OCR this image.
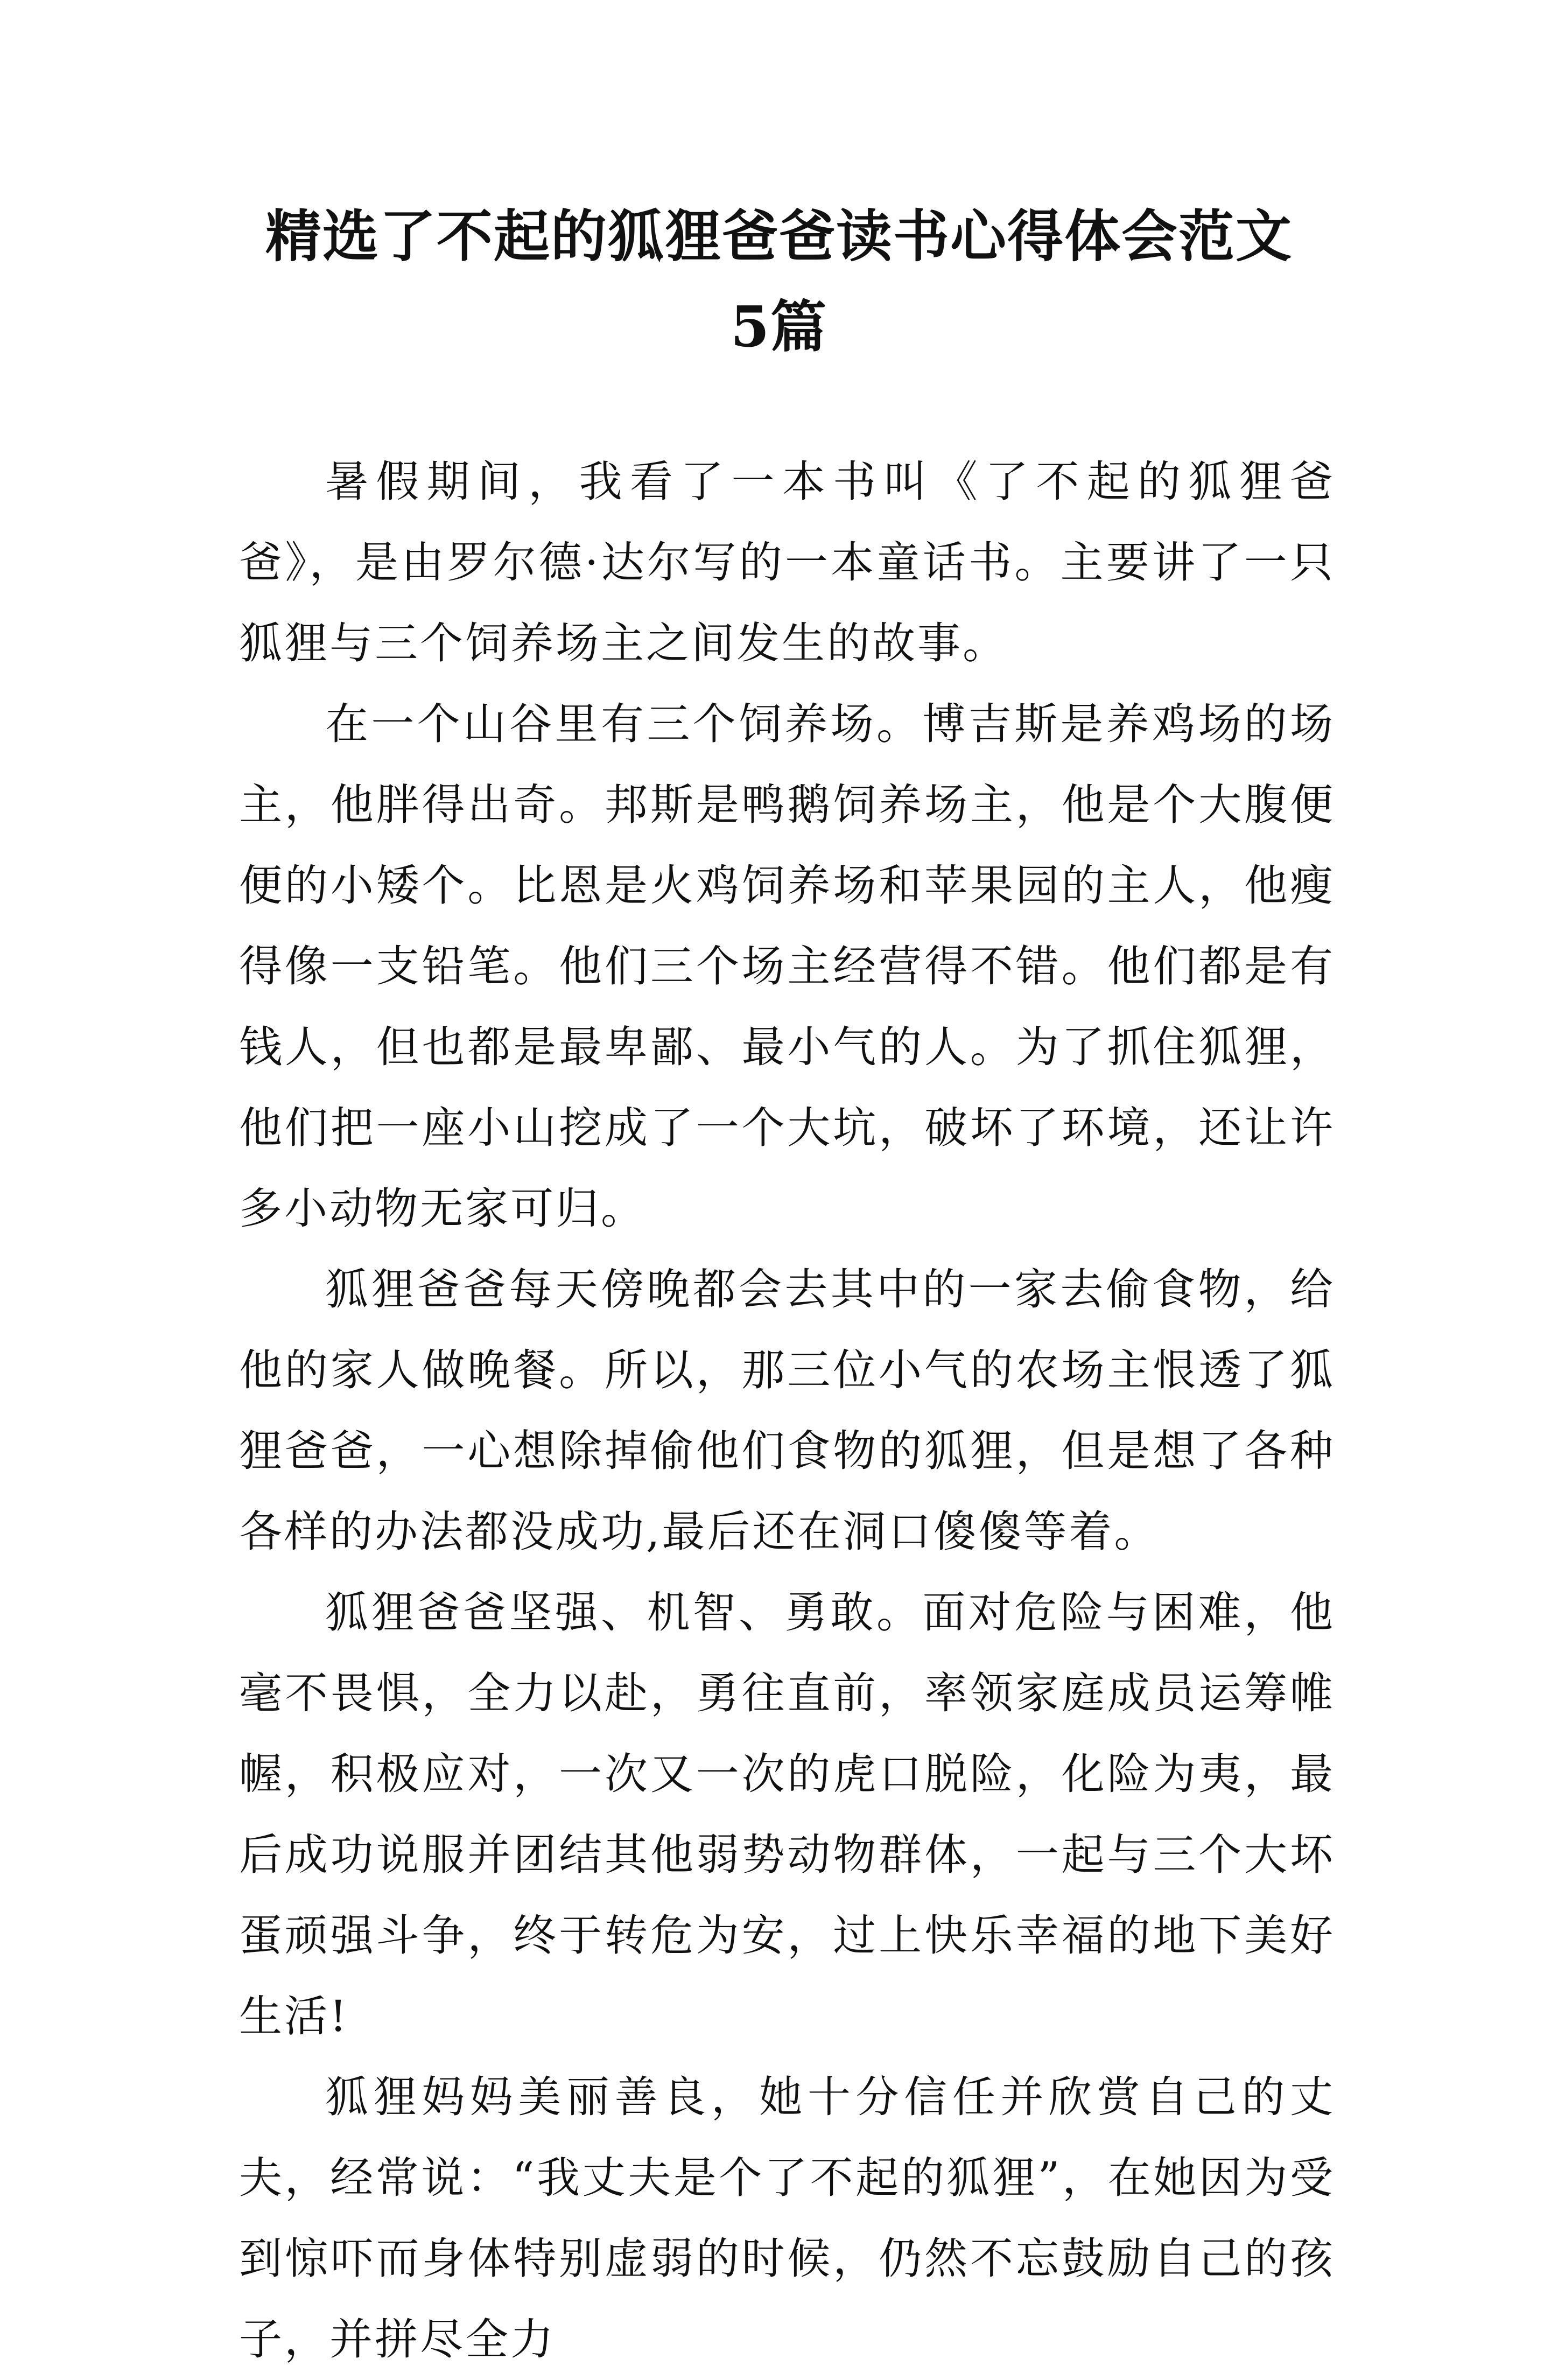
精选了不起的狐狸爸爸读书心得体会范文
5篇

暑假期间，我看了一本书叫《了不起的狐狸爸爸》，是由罗尔德·达尔写的一本童话书。主要讲了一只狐狸与三个饲养场主之间发生的故事。

在一个山谷里有三个饲养场。博吉斯是养鸡场的场主，他胖得出奇。邦斯是鸭鹅饲养场主，他是个大腹便便的小矮个。比恩是火鸡饲养场和苹果园的主人，他瘦得像一支铅笔。他们三个场主经营得不错。他们都是有钱人，但也都是最卑鄙、最小气的人。为了抓住狐狸，他们把一座小山挖成了一个大坑，破坏了环境，还让许多小动物无家可归。

狐狸爸爸每天傍晚都会去其中的一家去偷食物，给他的家人做晚餐。所以，那三位小气的农场主恨透了狐狸爸爸，一心想除掉偷他们食物的狐狸，但是想了各种各样的办法都没成功,最后还在洞口傻傻等着。

狐狸爸爸坚强、机智、勇敢。面对危险与困难，他毫不畏惧，全力以赴，勇往直前，率领家庭成员运筹帷幄，积极应对，一次又一次的虎口脱险，化险为夷，最后成功说服并团结其他弱势动物群体，一起与三个大坏蛋顽强斗争，终于转危为安，过上快乐幸福的地下美好生活!

狐狸妈妈美丽善良，她十分信任并欣赏自己的丈夫，经常说：“我丈夫是个了不起的狐狸”，在她因为受到惊吓而身体特别虚弱的时候，仍然不忘鼓励自己的孩子，并拼尽全力
